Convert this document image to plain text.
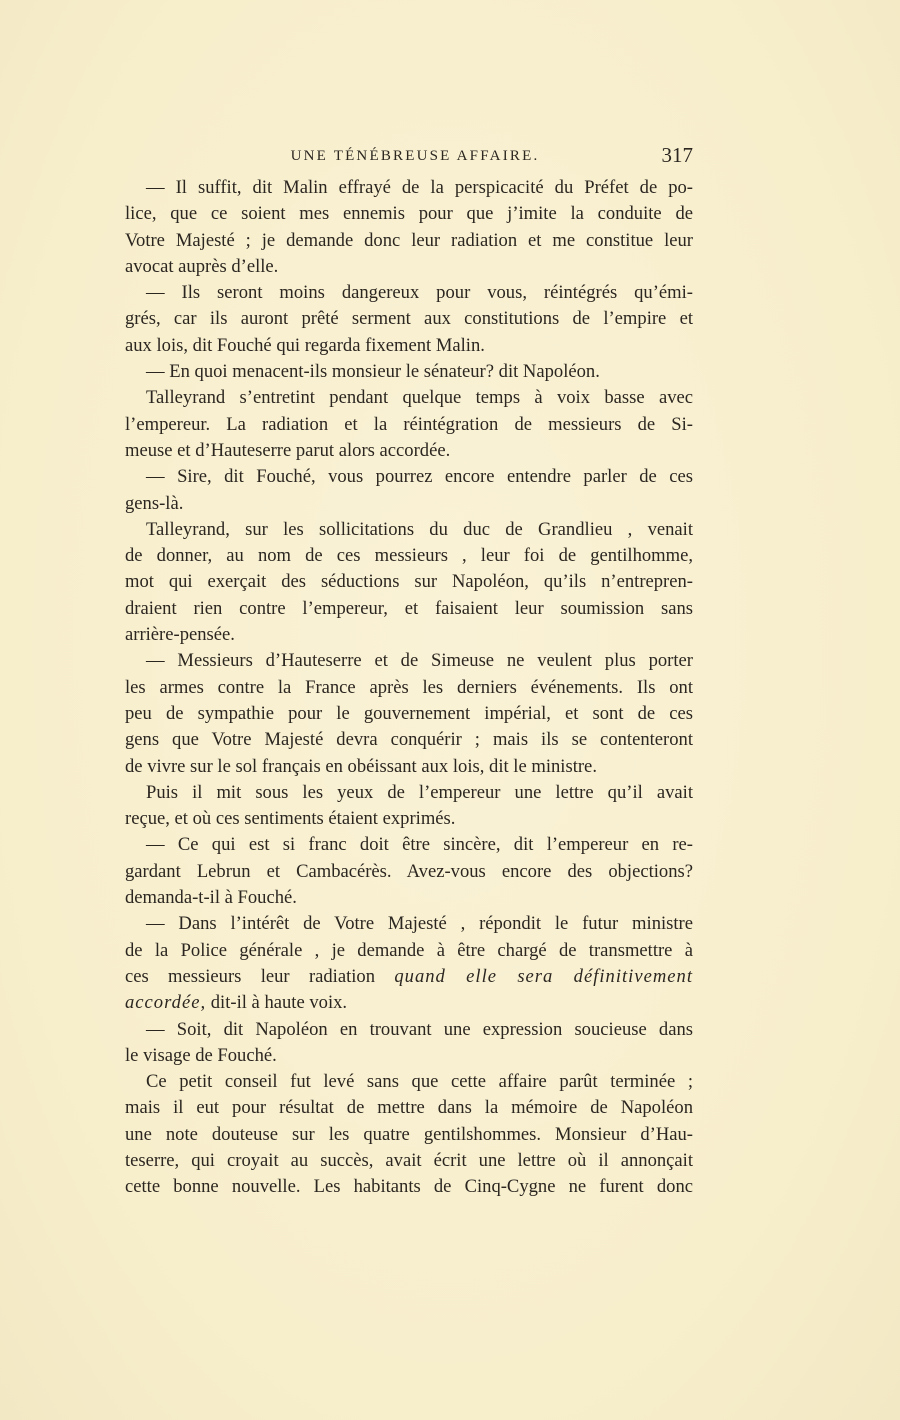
UNE TÉNÉBREUSE AFFAIRE.	317
— Il suffit, dit Malin effrayé de la perspicacité du Préfet de po-
lice, que ce soient mes ennemis pour que j’imite la conduite de
Votre Majesté ; je demande donc leur radiation et me constitue leur
avocat auprès d’elle.
— Ils seront moins dangereux pour vous, réintégrés qu’émi-
grés, car ils auront prêté serment aux constitutions de l’empire et
aux lois, dit Fouché qui regarda fixement Malin.
— En quoi menacent-ils monsieur le sénateur? dit Napoléon.
Talleyrand s’entretint pendant quelque temps à voix basse avec
l’empereur. La radiation et la réintégration de messieurs de Si-
meuse et d’Hauteserre parut alors accordée.
— Sire, dit Fouché, vous pourrez encore entendre parler de ces
gens-là.
Talleyrand, sur les sollicitations du duc de Grandlieu , venait
de donner, au nom de ces messieurs , leur foi de gentilhomme,
mot qui exerçait des séductions sur Napoléon, qu’ils n’entrepren-
draient rien contre l’empereur, et faisaient leur soumission sans
arrière-pensée.
— Messieurs d’Hauteserre et de Simeuse ne veulent plus porter
les armes contre la France après les derniers événements. Ils ont
peu de sympathie pour le gouvernement impérial, et sont de ces
gens que Votre Majesté devra conquérir ; mais ils se contenteront
de vivre sur le sol français en obéissant aux lois, dit le ministre.
Puis il mit sous les yeux de l’empereur une lettre qu’il avait
reçue, et où ces sentiments étaient exprimés.
— Ce qui est si franc doit être sincère, dit l’empereur en re-
gardant Lebrun et Cambacérès. Avez-vous encore des objections?
demanda-t-il à Fouché.
— Dans l’intérêt de Votre Majesté , répondit le futur ministre
de la Police générale , je demande à être chargé de transmettre à
ces messieurs leur radiation quand elle sera définitivement
accordée, dit-il à haute voix.
— Soit, dit Napoléon en trouvant une expression soucieuse dans
le visage de Fouché.
Ce petit conseil fut levé sans que cette affaire parût terminée ;
mais il eut pour résultat de mettre dans la mémoire de Napoléon
une note douteuse sur les quatre gentilshommes. Monsieur d’Hau-
teserre, qui croyait au succès, avait écrit une lettre où il annonçait
cette bonne nouvelle. Les habitants de Cinq-Cygne ne furent donc
